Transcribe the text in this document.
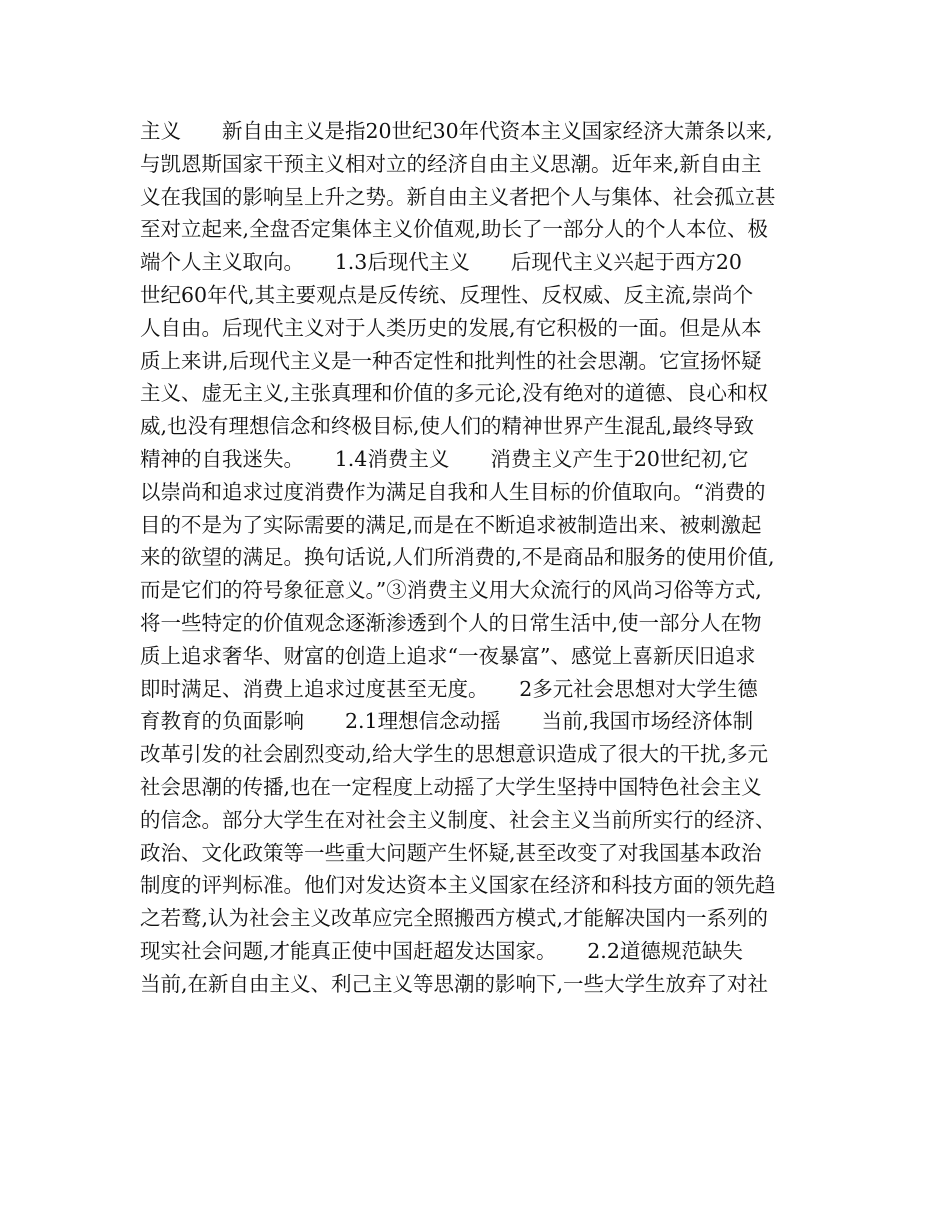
主义　　新自由主义是指20世纪30年代资本主义国家经济大萧条以来,
与凯恩斯国家干预主义相对立的经济自由主义思潮。近年来,新自由主
义在我国的影响呈上升之势。新自由主义者把个人与集体、社会孤立甚
至对立起来,全盘否定集体主义价值观,助长了一部分人的个人本位、极
端个人主义取向。　　1.3后现代主义　　后现代主义兴起于西方20
世纪60年代,其主要观点是反传统、反理性、反权威、反主流,崇尚个
人自由。后现代主义对于人类历史的发展,有它积极的一面。但是从本
质上来讲,后现代主义是一种否定性和批判性的社会思潮。它宣扬怀疑
主义、虚无主义,主张真理和价值的多元论,没有绝对的道德、良心和权
威,也没有理想信念和终极目标,使人们的精神世界产生混乱,最终导致
精神的自我迷失。　　1.4消费主义　　消费主义产生于20世纪初,它
以崇尚和追求过度消费作为满足自我和人生目标的价值取向。“消费的
目的不是为了实际需要的满足,而是在不断追求被制造出来、被刺激起
来的欲望的满足。换句话说,人们所消费的,不是商品和服务的使用价值,
而是它们的符号象征意义。”③消费主义用大众流行的风尚习俗等方式,
将一些特定的价值观念逐渐渗透到个人的日常生活中,使一部分人在物
质上追求奢华、财富的创造上追求“一夜暴富”、感觉上喜新厌旧追求
即时满足、消费上追求过度甚至无度。　　2多元社会思想对大学生德
育教育的负面影响　　2.1理想信念动摇　　当前,我国市场经济体制
改革引发的社会剧烈变动,给大学生的思想意识造成了很大的干扰,多元
社会思潮的传播,也在一定程度上动摇了大学生坚持中国特色社会主义
的信念。部分大学生在对社会主义制度、社会主义当前所实行的经济、
政治、文化政策等一些重大问题产生怀疑,甚至改变了对我国基本政治
制度的评判标准。他们对发达资本主义国家在经济和科技方面的领先趋
之若鹜,认为社会主义改革应完全照搬西方模式,才能解决国内一系列的
现实社会问题,才能真正使中国赶超发达国家。　　2.2道德规范缺失
当前,在新自由主义、利己主义等思潮的影响下,一些大学生放弃了对社
